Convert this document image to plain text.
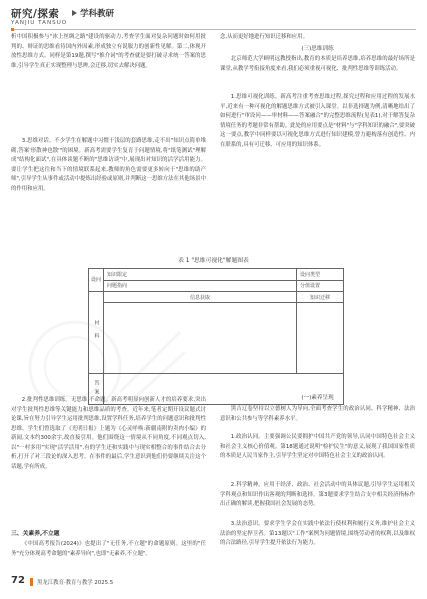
研究/探索
YANJIU TANSUO
学科教研

析中国积极参与"冰上丝绸之路"建设的驱动力,考查学生面对复杂问题时如何用批判的、辩证的思维看待国内外因素,形成独立有说服力的创新性见解。第二,体现开放性思维方式。同样是第19题,撰写"推介词"的考查就是要打破寻求统一答案的思维,引导学生真正实现整理与思辨,会迁移,切实去解决问题。

3.思维对话。不少学生在解题中习惯于浅层的套路思维,走不出"知识点简单堆砌,答案'形散神也散'"的困境。新高考需要学生复育于问题情境,将"纸笔测试"理解成"结构化面试",在具体谈题不断的"思维访谈"中,展现出对知识的活学活用能力。要让学生把这往和当下的情境联系起来,教师的角色需要更多转向于"思维的助产师",引导学生从事件或活动中提炼出经验或原则,并判断这一思维方法在其他场景中的作用和应用。

念,从而更好地进行知识迁移和应用。

(三)思维训练

北京师范大学顾明远教授指出,教育的本质是培养思维,培养思维的最好场所是课堂,从教学考衔接角度来看,我们必须重视可视化、批判性思维等训练活动。

1.思维可视化训练。新高考注重考查思维过程,探究过程和应用过程的发展水平,近来有一种可视化的解题思维方式被引入课堂。以非选择题为例,清晰地给出了如何进行"审设问——审材料——答案融合"的完整思维流程(见表1),对于解答复杂情境任务的考题非常有帮助。此处的应用要点是"材料"与"学科知识的融合",要突破这一要点,教学中同样要以可视化思维方式进行知识建模,曾力避构落有创造性、内在联系的,具有可迁移、可应用的知识体系。

表 1 "思维可视化"解题图表
设问	知识限定	设问类型
	问题指向	分值设置
材料	信息获取	知识迁移

答案		

2.批判性思维训练。无思维,不命题。新高考明显向创新人才的培养要求,突出对学生批判性思维等关键能力和思维品质的考查。近年来,笔者定期开设议题式讨论课,旨在努力引导学生运用批判思维,设置学科任务,培养学生的问题意识和批判性思维。学生们曾选取了《光明日报》上题为《心灵呼唤:新疆南附的卖肉小编》的新闻,文本约300余字,故直接引用。他们围绕这一情境从不同角度,不同观点切入,以"一村多用"实现"活学活用",有的学生还和实践中与现实相整合的事件结合去分析,打开了对三段论的深入思考。在事件的最后,学生意识到他们仍要继续关注这个话题,学有所成。

三、关素养,不立题

《中国高考报告(2024)》也提出了"无任务,不立题"的命题原则。这里的"任务"充分体现高考命题的"素养导向",也即"无素养,不立题"。

(一)素养呈现

黑吉辽卷坚持以立德树人为导向,全面考查学生的政治认同、科学精神、法治意识和公共参与等学科素养水平。

1.政治认同。主要强调公民要拥护中国共产党的领导,认同中国特色社会主义和社会主义核心价值观。第18题通过说明"检护民生"的意义,展现了我国国家性质的本质是人民当家作主,引导学生坚定对中国特色社会主义的政治认同。

2.科学精神。应用于经济、政治、社会活动中的具体议题,引导学生运用相关学科观点和知识作出客观的判断和选择。第3题要求学生结合支中相关经济指标作出正确的解读,把握我国社会发展的态势。

3.法治意识。要求学生学会在实践中依法行使权利和履行义务,维护社会主义法治的坚定捍卫者。第13题以"工作"案例为问题情境,围绕劳动者的权利,以及维权的合法路径,引导学生提升依法行为能力。

72 黑龙江教育·教育与教学 2025.5
